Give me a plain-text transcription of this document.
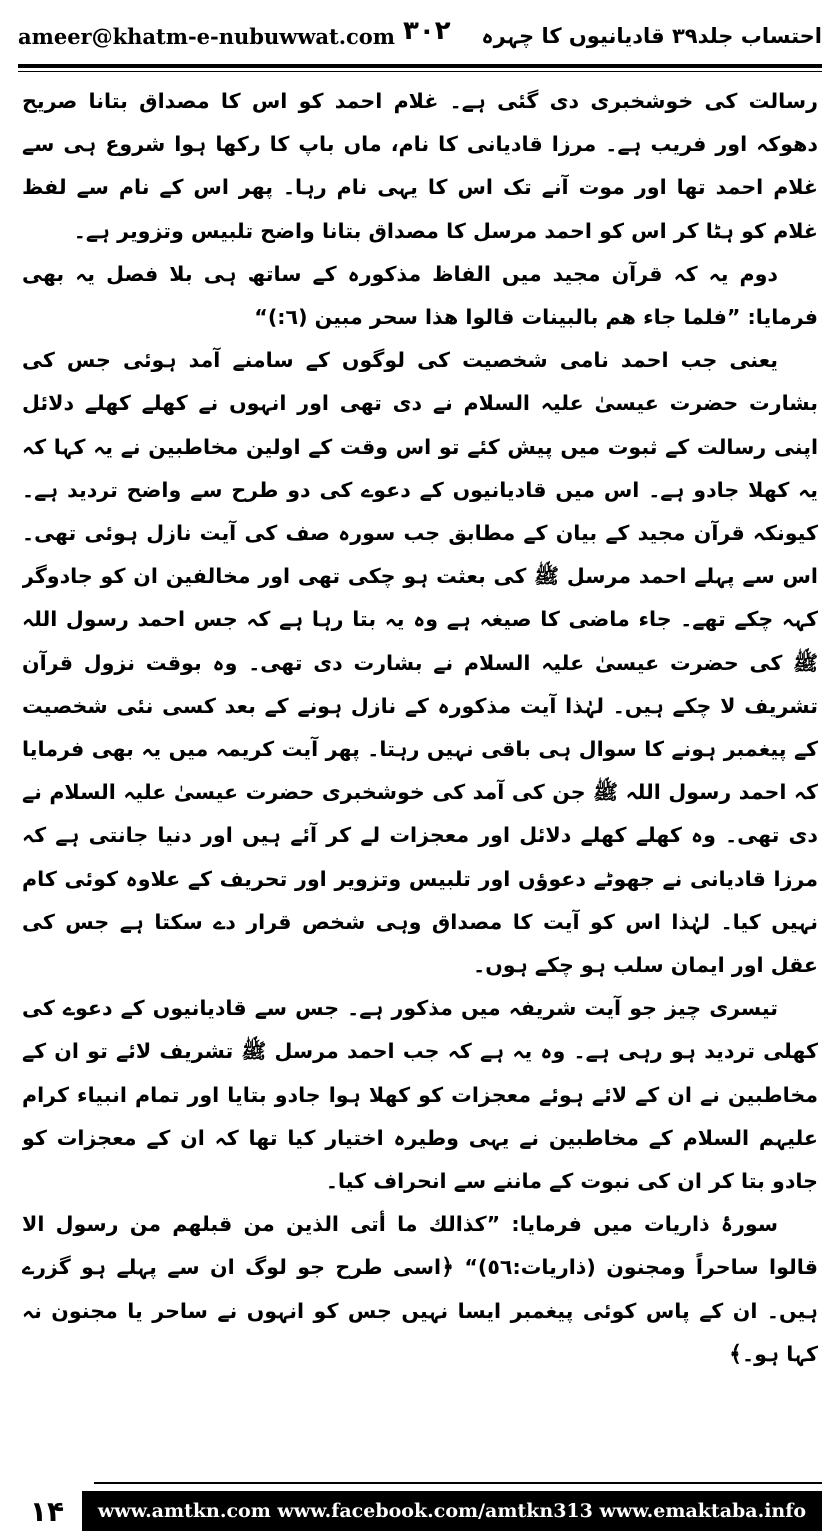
ameer@khatm-e-nubuwwat.com ۳۰۲ احتساب جلد۳۹ قادیانیوں کا چہرہ

رسالت کی خوشخبری دی گئی ہے۔ غلام احمد کو اس کا مصداق بتانا صریح دھوکہ اور فریب ہے۔ مرزا قادیانی کا نام، ماں باپ کا رکھا ہوا شروع ہی سے غلام احمد تھا اور موت آنے تک اس کا یہی نام رہا۔ پھر اس کے نام سے لفظ غلام کو ہٹا کر اس کو احمد مرسل کا مصداق بتانا واضح تلبیس وتزویر ہے۔

دوم یہ کہ قرآن مجید میں الفاظ مذکورہ کے ساتھ ہی بلا فصل یہ بھی فرمایا: ”فلما جاء هم بالبينات قالوا هذا سحر مبين (٦:)“

یعنی جب احمد نامی شخصیت کی لوگوں کے سامنے آمد ہوئی جس کی بشارت حضرت عیسیٰ علیہ السلام نے دی تھی اور انہوں نے کھلے کھلے دلائل اپنی رسالت کے ثبوت میں پیش کئے تو اس وقت کے اولین مخاطبین نے یہ کہا کہ یہ کھلا جادو ہے۔ اس میں قادیانیوں کے دعوے کی دو طرح سے واضح تردید ہے۔ کیونکہ قرآن مجید کے بیان کے مطابق جب سورہ صف کی آیت نازل ہوئی تھی۔ اس سے پہلے احمد مرسل ﷺ کی بعثت ہو چکی تھی اور مخالفین ان کو جادوگر کہہ چکے تھے۔ جاء ماضی کا صیغہ ہے وہ یہ بتا رہا ہے کہ جس احمد رسول اللہ ﷺ کی حضرت عیسیٰ علیہ السلام نے بشارت دی تھی۔ وہ بوقت نزول قرآن تشریف لا چکے ہیں۔ لہٰذا آیت مذکورہ کے نازل ہونے کے بعد کسی نئی شخصیت کے پیغمبر ہونے کا سوال ہی باقی نہیں رہتا۔ پھر آیت کریمہ میں یہ بھی فرمایا کہ احمد رسول اللہ ﷺ جن کی آمد کی خوشخبری حضرت عیسیٰ علیہ السلام نے دی تھی۔ وہ کھلے کھلے دلائل اور معجزات لے کر آئے ہیں اور دنیا جانتی ہے کہ مرزا قادیانی نے جھوٹے دعوؤں اور تلبیس وتزویر اور تحریف کے علاوہ کوئی کام نہیں کیا۔ لہٰذا اس کو آیت کا مصداق وہی شخص قرار دے سکتا ہے جس کی عقل اور ایمان سلب ہو چکے ہوں۔

تیسری چیز جو آیت شریفہ میں مذکور ہے۔ جس سے قادیانیوں کے دعوے کی کھلی تردید ہو رہی ہے۔ وہ یہ ہے کہ جب احمد مرسل ﷺ تشریف لائے تو ان کے مخاطبین نے ان کے لائے ہوئے معجزات کو کھلا ہوا جادو بتایا اور تمام انبیاء کرام علیہم السلام کے مخاطبین نے یہی وطیرہ اختیار کیا تھا کہ ان کے معجزات کو جادو بتا کر ان کی نبوت کے ماننے سے انحراف کیا۔

سورۂ ذاریات میں فرمایا: ”كذالك ما أتى الذين من قبلهم من رسول الا قالوا ساحراً ومجنون (ذاريات:٥٦)“ ﴿اسی طرح جو لوگ ان سے پہلے ہو گزرے ہیں۔ ان کے پاس کوئی پیغمبر ایسا نہیں جس کو انہوں نے ساحر یا مجنون نہ کہا ہو۔﴾

۱۴	www.amtkn.com www.facebook.com/amtkn313 www.emaktaba.info
